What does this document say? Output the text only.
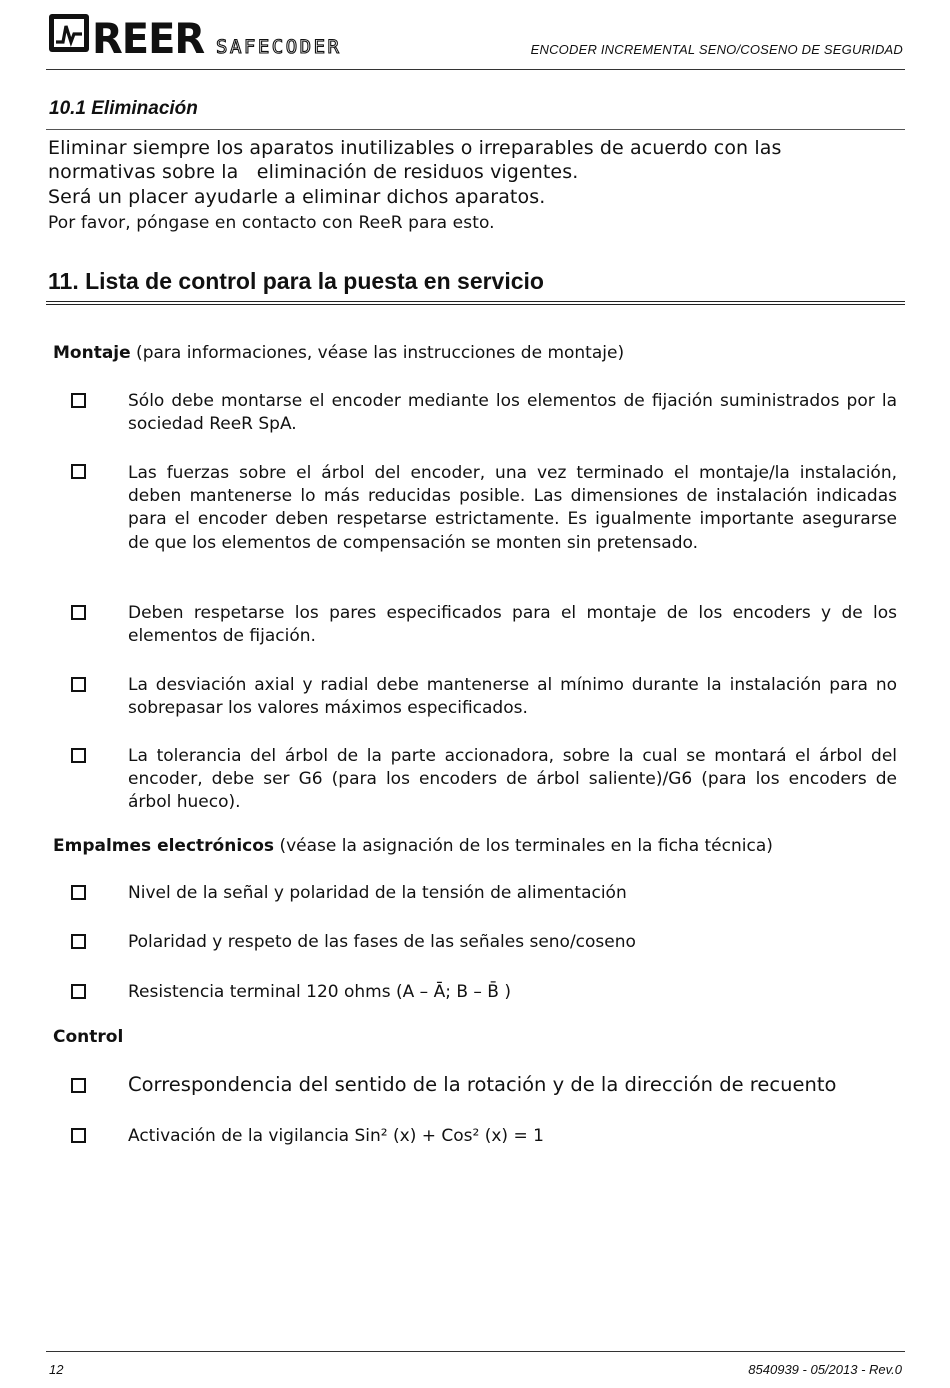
REER SAFECODER	ENCODER INCREMENTAL SENO/COSENO DE SEGURIDAD
10.1 Eliminación
Eliminar siempre los aparatos inutilizables o irreparables de acuerdo con las
normativas sobre la   eliminación de residuos vigentes.
Será un placer ayudarle a eliminar dichos aparatos.
Por favor, póngase en contacto con ReeR para esto.
11. Lista de control para la puesta en servicio
Montaje (para informaciones, véase las instrucciones de montaje)
Sólo debe montarse el encoder mediante los elementos de fijación suministrados por la sociedad ReeR SpA.
Las fuerzas sobre el árbol del encoder, una vez terminado el montaje/la instalación, deben mantenerse lo más reducidas posible. Las dimensiones de instalación indicadas para el encoder deben respetarse estrictamente. Es igualmente importante asegurarse de que los elementos de compensación se monten sin pretensado.
Deben respetarse los pares especificados para el montaje de los encoders y de los elementos de fijación.
La desviación axial y radial debe mantenerse al mínimo durante la instalación para no sobrepasar los valores máximos especificados.
La tolerancia del árbol de la parte accionadora, sobre la cual se montará el árbol del encoder, debe ser G6 (para los encoders de árbol saliente)/G6 (para los encoders de árbol hueco).
Empalmes electrónicos (véase la asignación de los terminales en la ficha técnica)
Nivel de la señal y polaridad de la tensión de alimentación
Polaridad y respeto de las fases de las señales seno/coseno
Resistencia terminal 120 ohms (A – Ā; B – B̄ )
Control
Correspondencia del sentido de la rotación y de la dirección de recuento
Activación de la vigilancia Sin² (x) + Cos² (x) = 1
12	8540939 - 05/2013 - Rev.0
